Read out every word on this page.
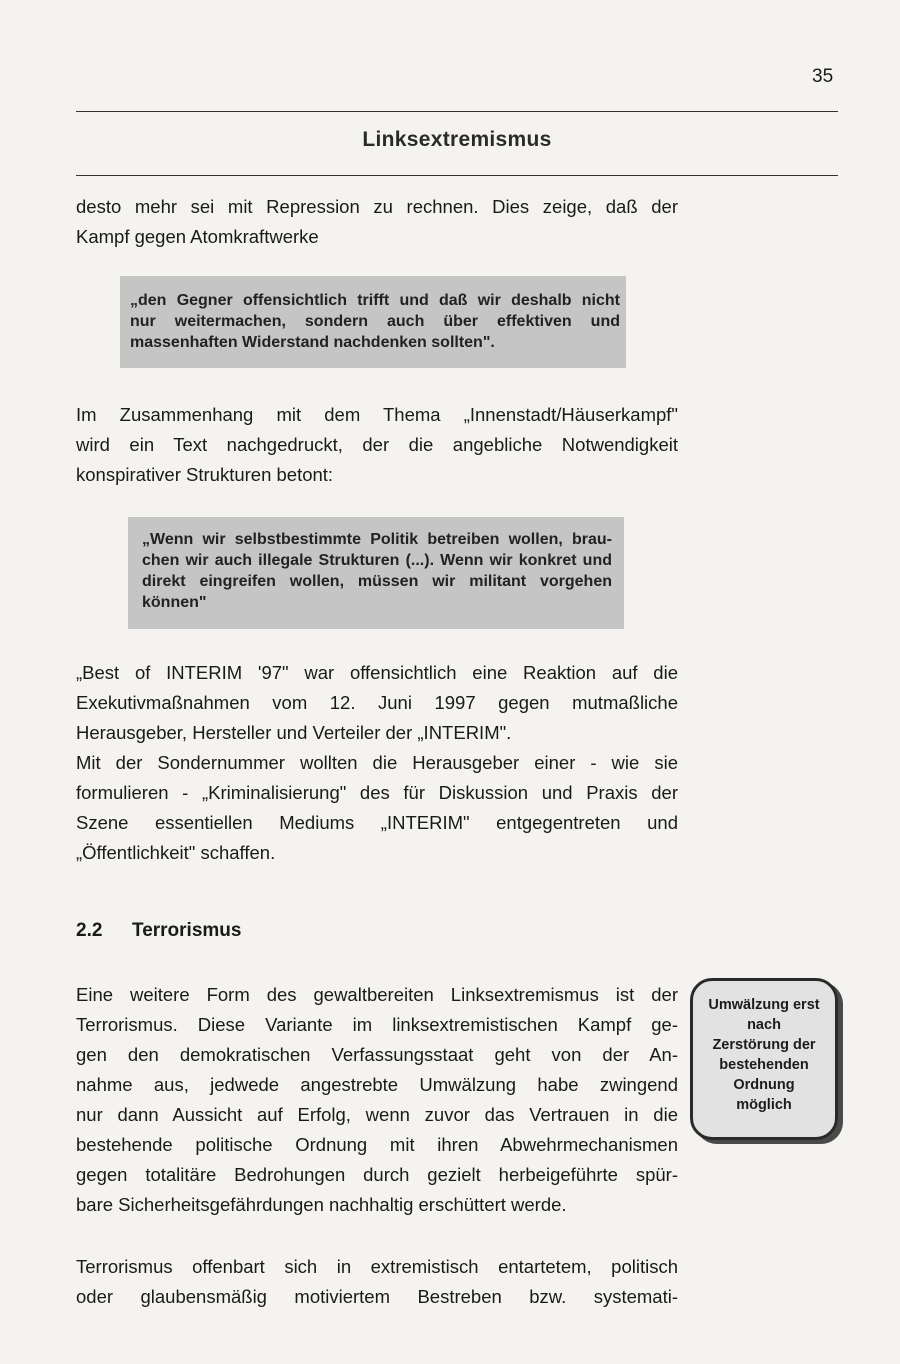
35
Linksextremismus
desto mehr sei mit Repression zu rechnen. Dies zeige, daß der
Kampf gegen Atomkraftwerke
„den Gegner offensichtlich trifft und daß wir deshalb nicht
nur weitermachen, sondern auch über effektiven und
massenhaften Widerstand nachdenken sollten".
Im Zusammenhang mit dem Thema „Innenstadt/Häuserkampf"
wird ein Text nachgedruckt, der die angebliche Notwendigkeit
konspirativer Strukturen betont:
„Wenn wir selbstbestimmte Politik betreiben wollen, brau-
chen wir auch illegale Strukturen (...). Wenn wir konkret und
direkt eingreifen wollen, müssen wir militant vorgehen
können"
„Best of INTERIM '97" war offensichtlich eine Reaktion auf die
Exekutivmaßnahmen vom 12. Juni 1997 gegen mutmaßliche
Herausgeber, Hersteller und Verteiler der „INTERIM".
Mit der Sondernummer wollten die Herausgeber einer - wie sie
formulieren - „Kriminalisierung" des für Diskussion und Praxis der
Szene essentiellen Mediums „INTERIM" entgegentreten und
„Öffentlichkeit" schaffen.
2.2 Terrorismus
Eine weitere Form des gewaltbereiten Linksextremismus ist der
Terrorismus. Diese Variante im linksextremistischen Kampf ge-
gen den demokratischen Verfassungsstaat geht von der An-
nahme aus, jedwede angestrebte Umwälzung habe zwingend
nur dann Aussicht auf Erfolg, wenn zuvor das Vertrauen in die
bestehende politische Ordnung mit ihren Abwehrmechanismen
gegen totalitäre Bedrohungen durch gezielt herbeigeführte spür-
bare Sicherheitsgefährdungen nachhaltig erschüttert werde.
Umwälzung erst
nach
Zerstörung der
bestehenden
Ordnung
möglich
Terrorismus offenbart sich in extremistisch entartetem, politisch
oder glaubensmäßig motiviertem Bestreben bzw. systemati-
